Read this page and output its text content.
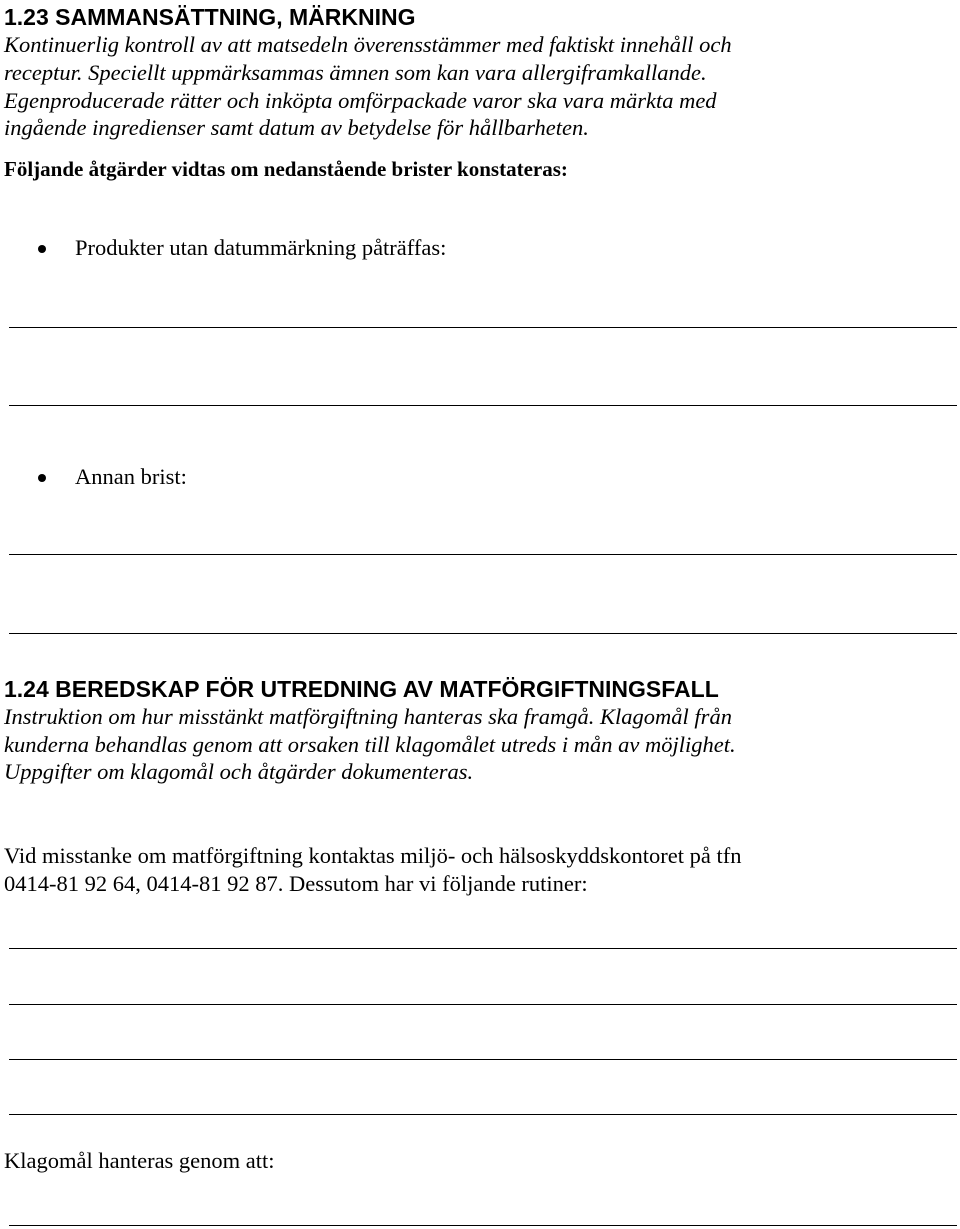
1.23 SAMMANSÄTTNING, MÄRKNING
Kontinuerlig kontroll av att matsedeln överensstämmer med faktiskt innehåll och
receptur. Speciellt uppmärksammas ämnen som kan vara allergiframkallande.
Egenproducerade rätter och inköpta omförpackade varor ska vara märkta med
ingående ingredienser samt datum av betydelse för hållbarheten.
Följande åtgärder vidtas om nedanstående brister konstateras:
Produkter utan datummärkning påträffas:
Annan brist:
1.24 BEREDSKAP FÖR UTREDNING AV MATFÖRGIFTNINGSFALL
Instruktion om hur misstänkt matförgiftning hanteras ska framgå. Klagomål från
kunderna behandlas genom att orsaken till klagomålet utreds i mån av möjlighet.
Uppgifter om klagomål och åtgärder dokumenteras.
Vid misstanke om matförgiftning kontaktas miljö- och hälsoskyddskontoret på tfn
0414-81 92 64, 0414-81 92 87. Dessutom har vi följande rutiner:
Klagomål hanteras genom att:
